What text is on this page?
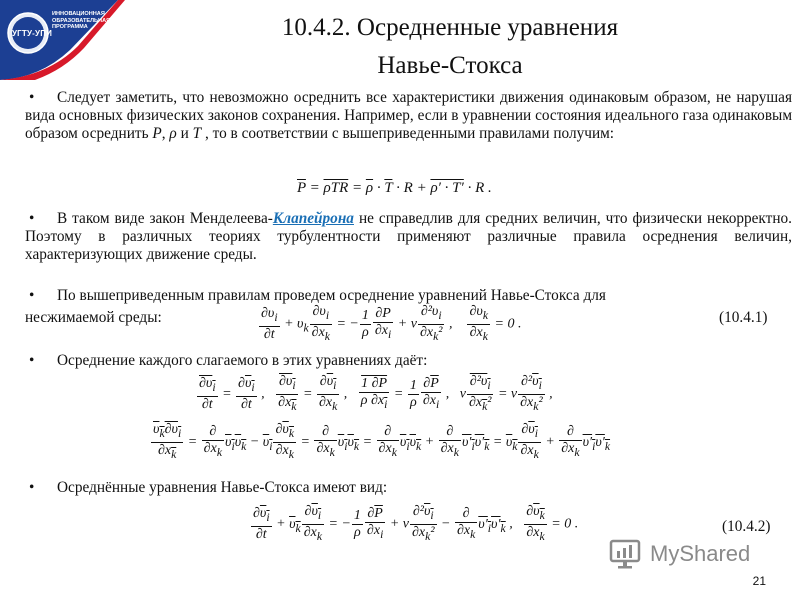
ИННОВАЦИОННАЯ
ОБРАЗОВАТЕЛЬНАЯ
ПРОГРАММА
УГТУ-УПИ	10.4.2. Осредненные уравнения
Навье-Стокса

• Следует заметить, что невозможно осреднить все характеристики движения одинаковым образом, не нарушая вида основных физических законов сохранения. Например, если в уравнении состояния идеального газа одинаковым образом осреднить P, ρ и T , то в соответствии с вышеприведенными правилами получим:

$\overline{P} = \overline{\rho TR} = \overline{\rho} \cdot \overline{T} \cdot R + \rho' \cdot T' \cdot R$ .

• В таком виде закон Менделеева-Клапейрона не справедлив для средних величин, что физически некорректно. Поэтому в различных теориях турбулентности применяют различные правила осреднения величин, характеризующих движение среды.

• По вышеприведенным правилам проведем осреднение уравнений Навье-Стокса для

несжимаемой среды:	$\frac{\partial\upsilon_i}{\partial t} + \upsilon_k \frac{\partial\upsilon_i}{\partial x_k}$ = − $\frac{1}{\rho} \frac{\partial P}{\partial x_i} + \nu \frac{\partial^2\upsilon_i}{\partial x_k^2}$ , $\frac{\partial\upsilon_k}{\partial x_k} = 0$ .	(10.4.1)

• Осреднение каждого слагаемого в этих уравнениях даёт:

$\frac{\partial\upsilon_i}{\partial t} = \frac{\partial\upsilon_i}{\partial t}$ , $\frac{\partial\upsilon_i}{\partial x_k} = \frac{\partial\upsilon_i}{\partial x_k}$ , $\frac{1 \partial P}{\rho \partial x_i} = \frac{1}{\rho} \frac{\partial\overline{P}}{\partial x_i}$ ,   ν $\frac{\partial^2\upsilon_i}{\partial x_k^2} = \nu \frac{\partial^2\upsilon_i}{\partial x_k^2}$ ,
$\frac{\upsilon_k\partial\upsilon_i}{\partial x_k} = \frac{\partial}{\partial x_k} \upsilon_i\upsilon_k - \upsilon_i \frac{\partial\upsilon_k}{\partial x_k} = \frac{\partial}{\partial x_k} \upsilon_i\upsilon_k = \frac{\partial}{\partial x_k} \upsilon_i\upsilon_k + \frac{\partial}{\partial x_k} \upsilon'_i\upsilon'_k = \upsilon_k \frac{\partial\upsilon_i}{\partial x_k} + \frac{\partial}{\partial x_k} \upsilon'_i\upsilon'_k$

• Осреднённые уравнения Навье-Стокса имеют вид:

$\frac{\partial\upsilon_i}{\partial t} + \upsilon_k \frac{\partial\upsilon_i}{\partial x_k}$ = − $\frac{1}{\rho} \frac{\partial\overline{P}}{\partial x_i} + \nu \frac{\partial^2\upsilon_i}{\partial x_k^2} - \frac{\partial}{\partial x_k} \upsilon'_i\upsilon'_k$ , $\frac{\partial\upsilon_k}{\partial x_k} = 0$ .	(10.4.2)
MyShared
21
